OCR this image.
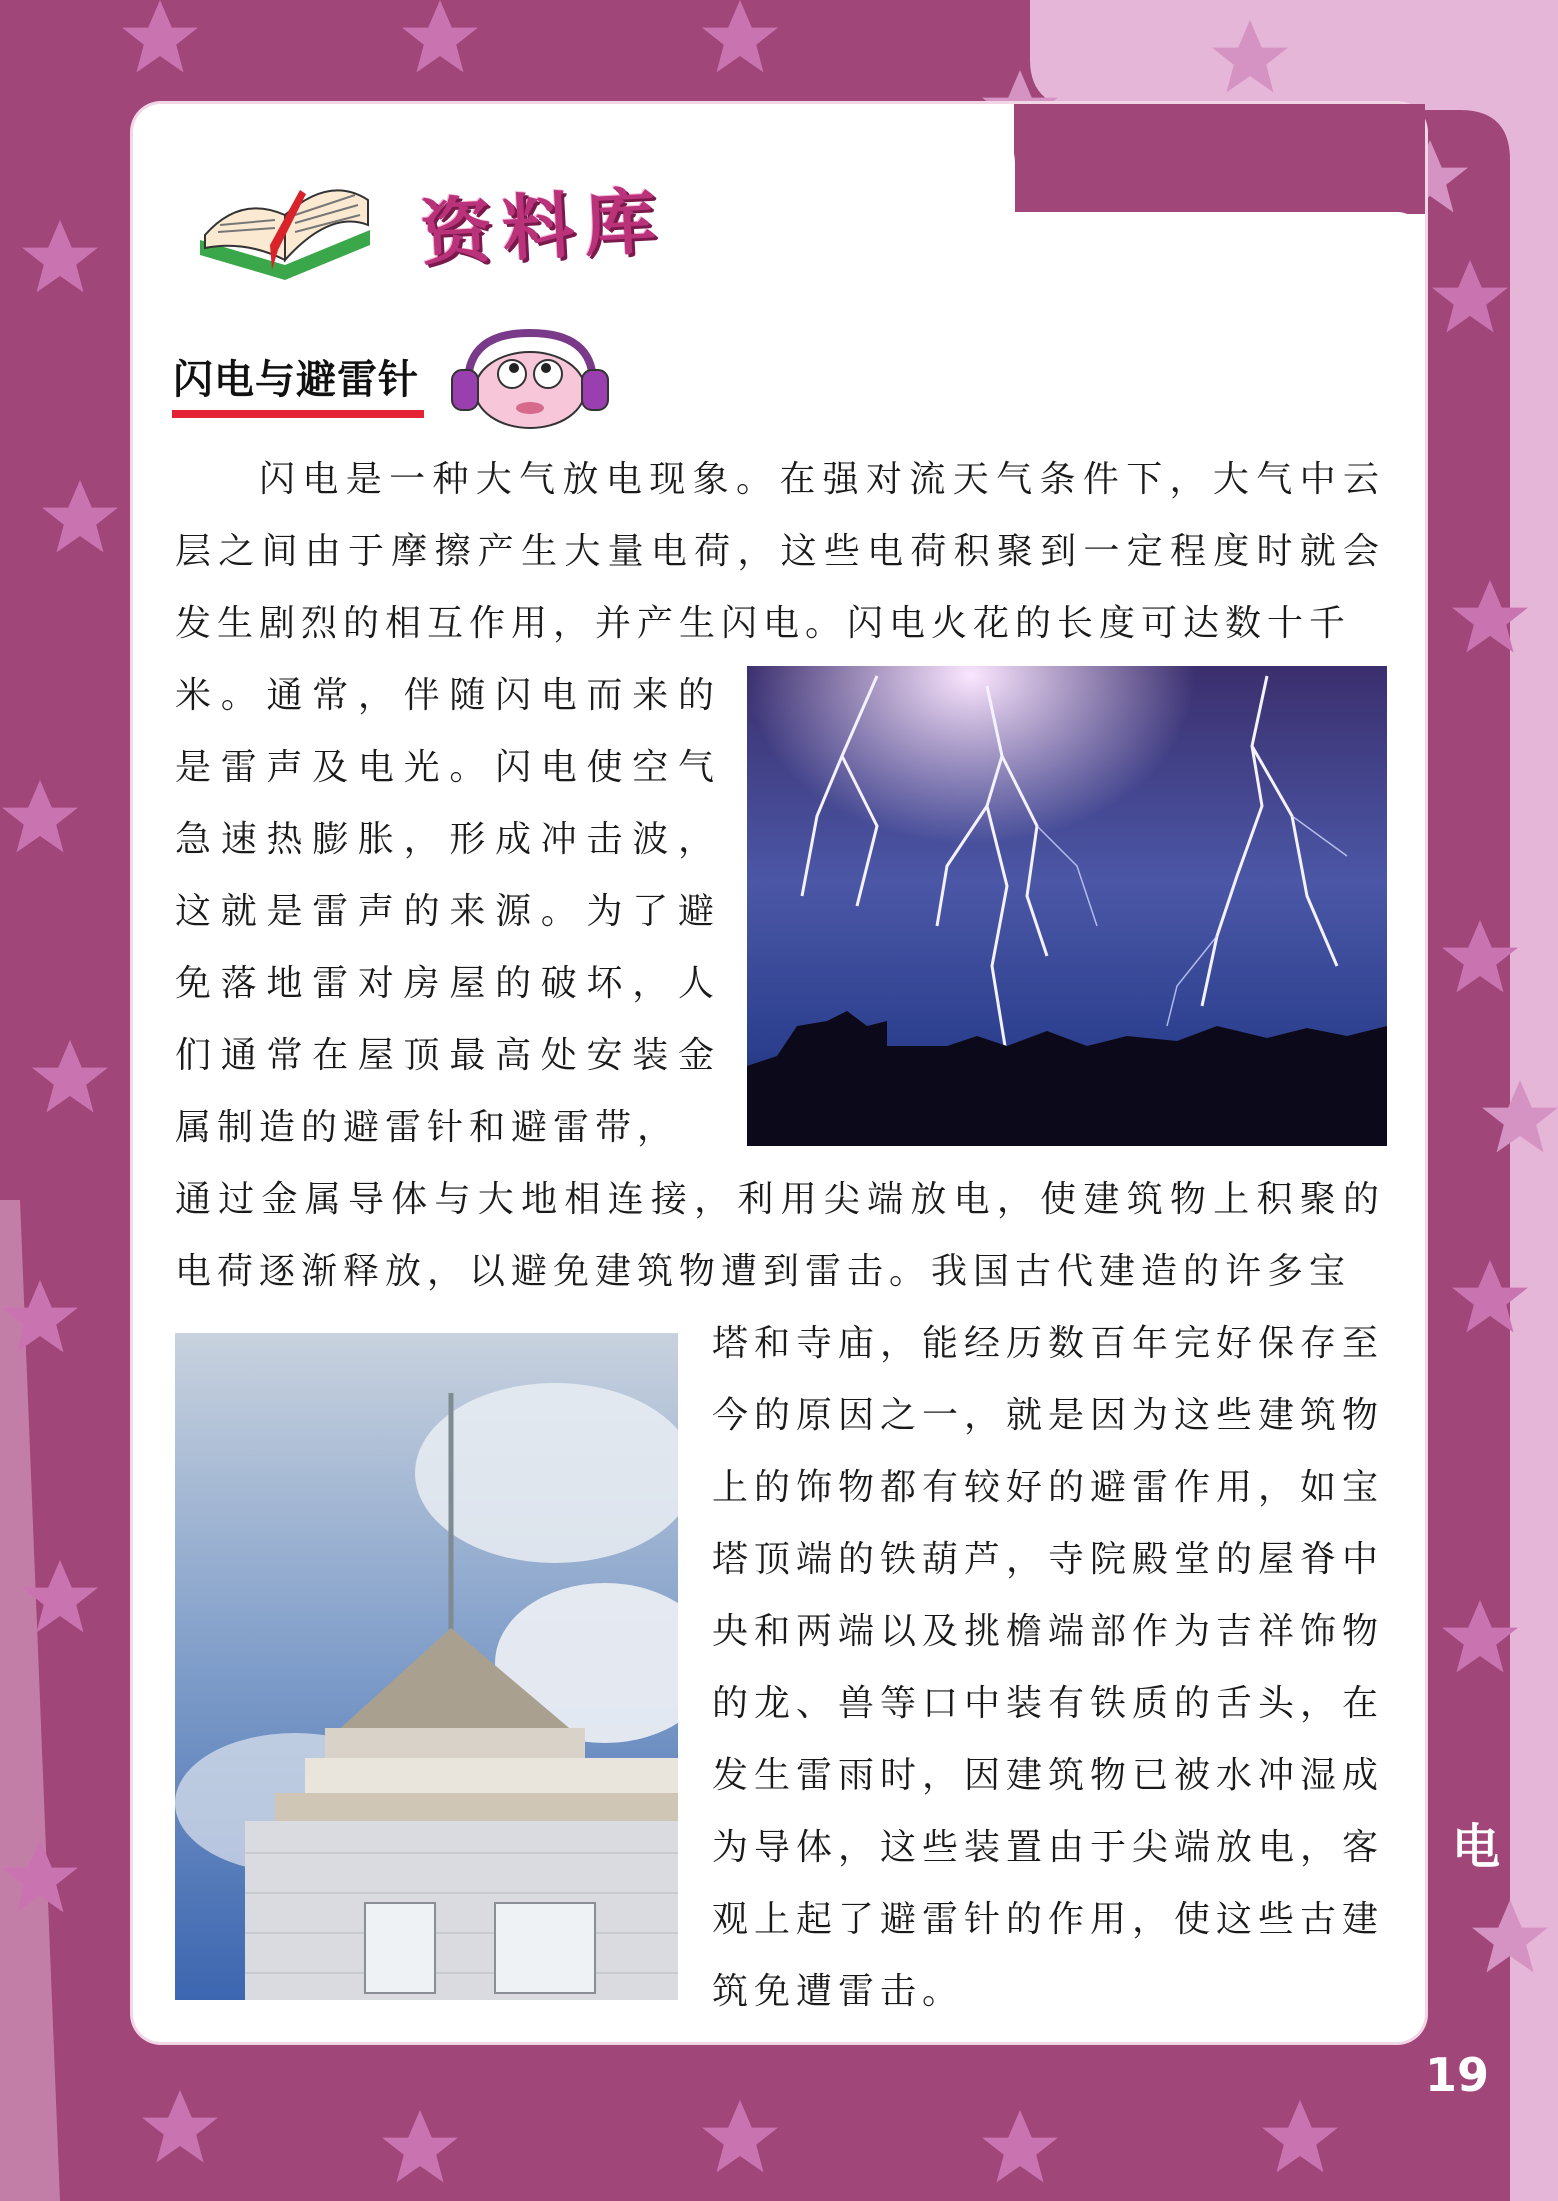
资料库
闪电与避雷针
闪电是一种大气放电现象。在强对流天气条件下，大气中云层之间由于摩擦产生大量电荷，这些电荷积聚到一定程度时就会发生剧烈的相互作用，并产生闪电。闪电火花的长度可达数十千
米。通常，伴随闪电而来的是雷声及电光。闪电使空气急速热膨胀，形成冲击波，这就是雷声的来源。为了避免落地雷对房屋的破坏，人们通常在屋顶最高处安装金属制造的避雷针和避雷带，
通过金属导体与大地相连接，利用尖端放电，使建筑物上积聚的电荷逐渐释放，以避免建筑物遭到雷击。我国古代建造的许多宝
塔和寺庙，能经历数百年完好保存至今的原因之一，就是因为这些建筑物上的饰物都有较好的避雷作用，如宝塔顶端的铁葫芦，寺院殿堂的屋脊中央和两端以及挑檐端部作为吉祥饰物的龙、兽等口中装有铁质的舌头，在发生雷雨时，因建筑物已被水冲湿成为导体，这些装置由于尖端放电，客观上起了避雷针的作用，使这些古建筑免遭雷击。
电
19
